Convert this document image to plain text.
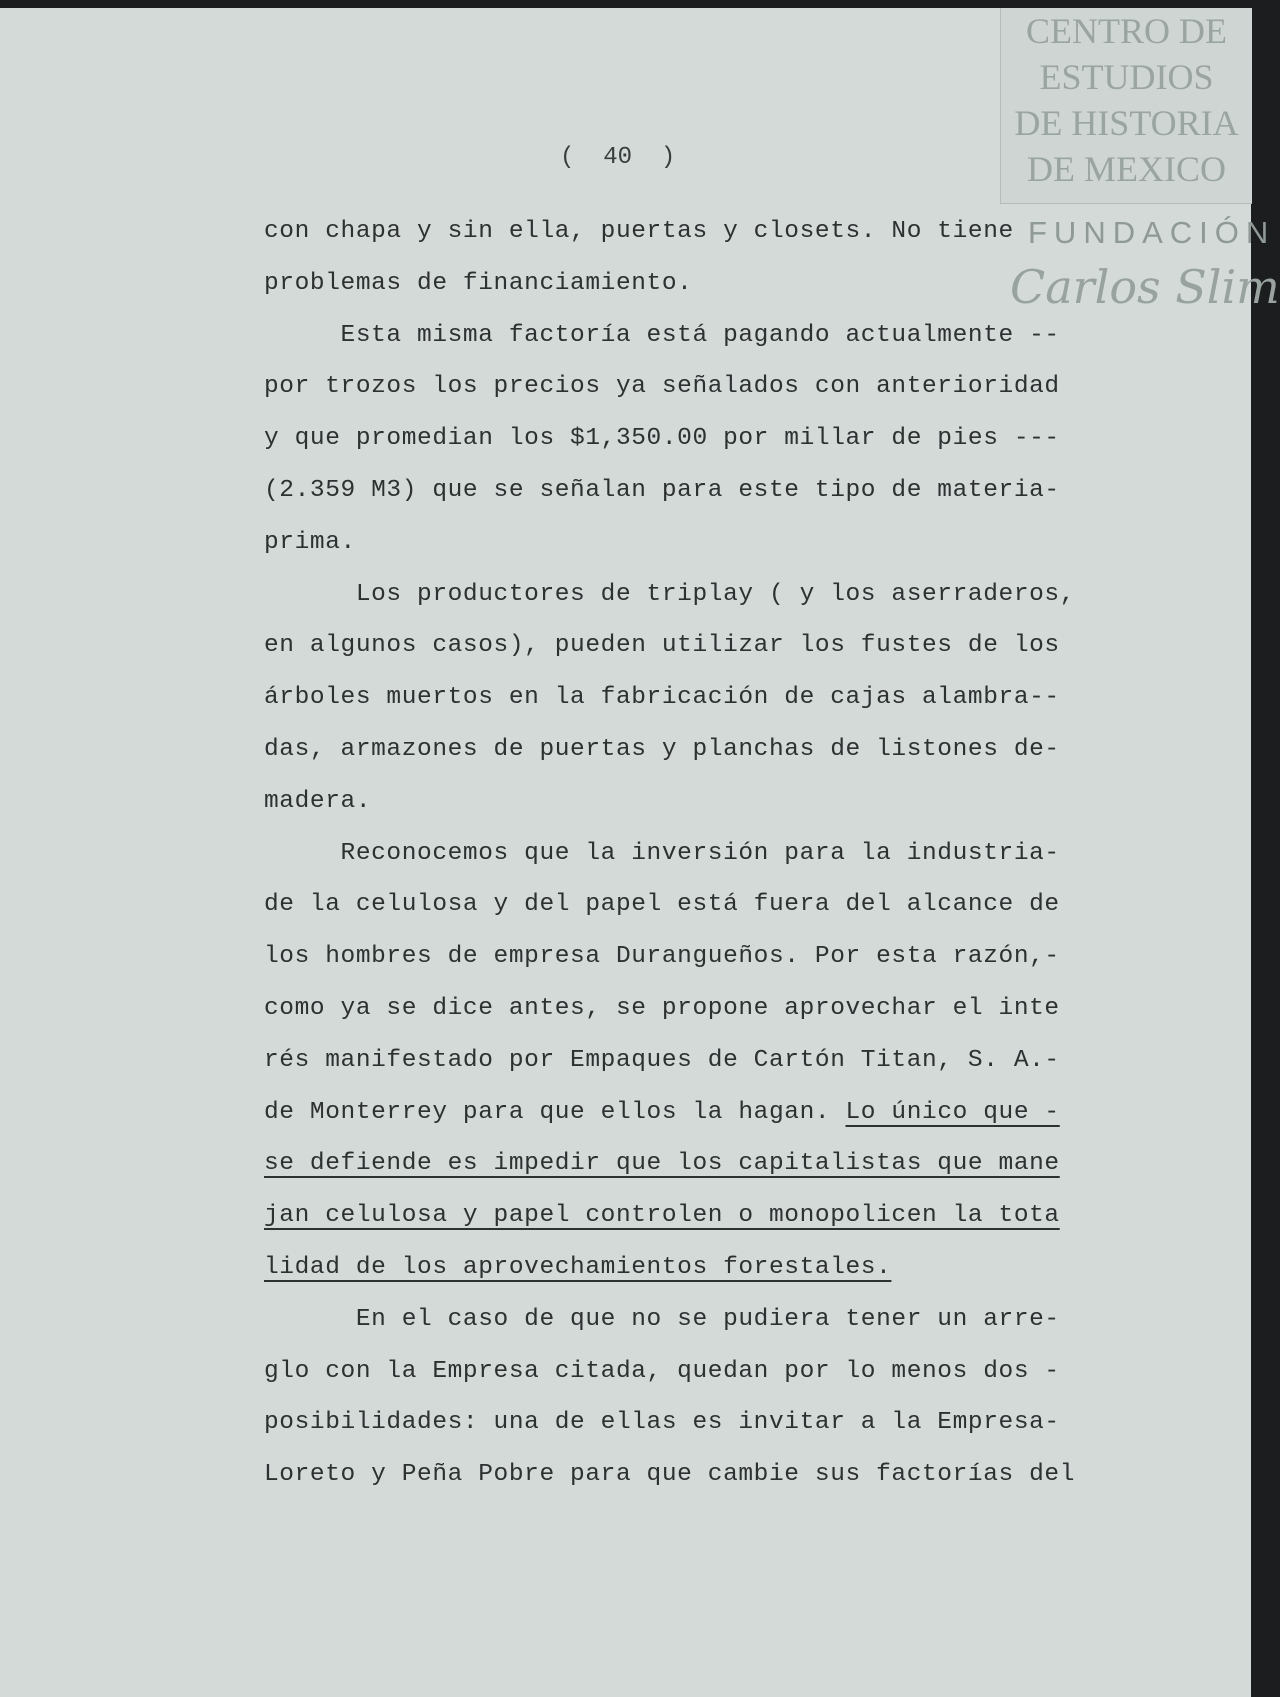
CENTRO DE
ESTUDIOS
DE HISTORIA
DE MEXICO
FUNDACIÓN
Carlos Slim
(  40  )
con chapa y sin ella, puertas y closets. No tiene
problemas de financiamiento.
Esta misma factoría está pagando actualmente --
por trozos los precios ya señalados con anterioridad
y que promedian los $1,350.00 por millar de pies ---
(2.359 M3) que se señalan para este tipo de materia-
prima.
Los productores de triplay ( y los aserraderos,
en algunos casos), pueden utilizar los fustes de los
árboles muertos en la fabricación de cajas alambra--
das, armazones de puertas y planchas de listones de-
madera.
Reconocemos que la inversión para la industria-
de la celulosa y del papel está fuera del alcance de
los hombres de empresa Durangueños. Por esta razón,-
como ya se dice antes, se propone aprovechar el inte
rés manifestado por Empaques de Cartón Titan, S. A.-
de Monterrey para que ellos la hagan. Lo único que -
se defiende es impedir que los capitalistas que mane
jan celulosa y papel controlen o monopolicen la tota
lidad de los aprovechamientos forestales.
En el caso de que no se pudiera tener un arre-
glo con la Empresa citada, quedan por lo menos dos -
posibilidades: una de ellas es invitar a la Empresa-
Loreto y Peña Pobre para que cambie sus factorías del
